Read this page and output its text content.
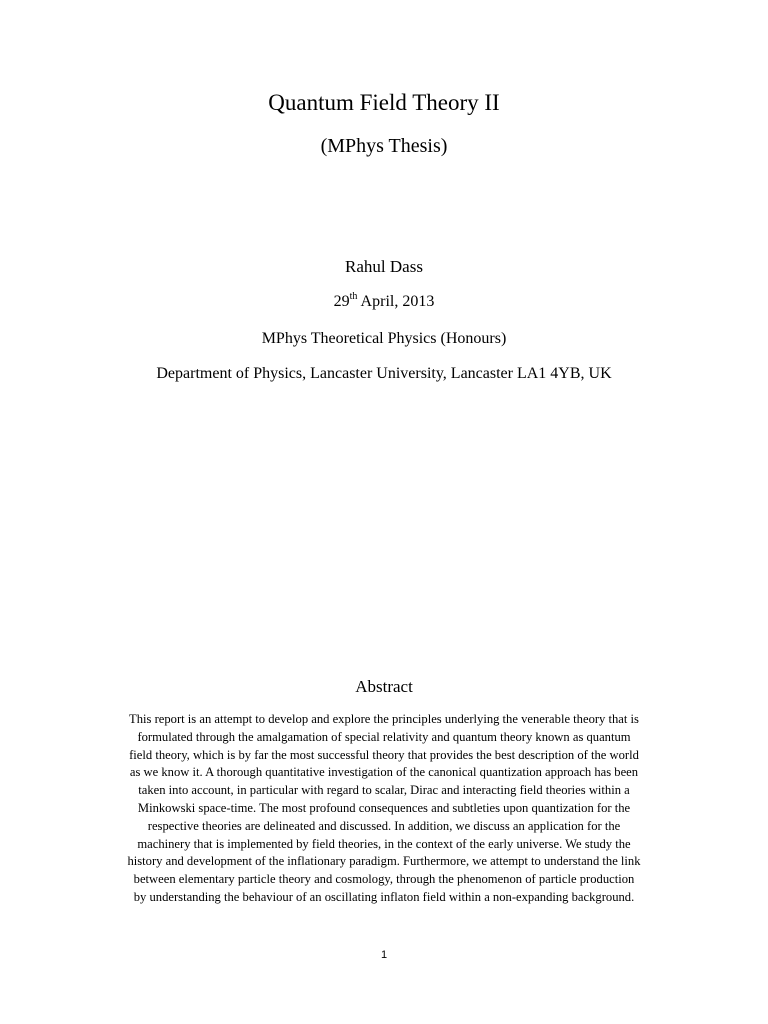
Quantum Field Theory II
(MPhys Thesis)
Rahul Dass
29th April, 2013
MPhys Theoretical Physics (Honours)
Department of Physics, Lancaster University, Lancaster LA1 4YB, UK
Abstract
This report is an attempt to develop and explore the principles underlying the venerable theory that is
formulated through the amalgamation of special relativity and quantum theory known as quantum
field theory, which is by far the most successful theory that provides the best description of the world
as we know it. A thorough quantitative investigation of the canonical quantization approach has been
taken into account, in particular with regard to scalar, Dirac and interacting field theories within a
Minkowski space-time. The most profound consequences and subtleties upon quantization for the
respective theories are delineated and discussed. In addition, we discuss an application for the
machinery that is implemented by field theories, in the context of the early universe. We study the
history and development of the inflationary paradigm. Furthermore, we attempt to understand the link
between elementary particle theory and cosmology, through the phenomenon of particle production
by understanding the behaviour of an oscillating inflaton field within a non-expanding background.
1
